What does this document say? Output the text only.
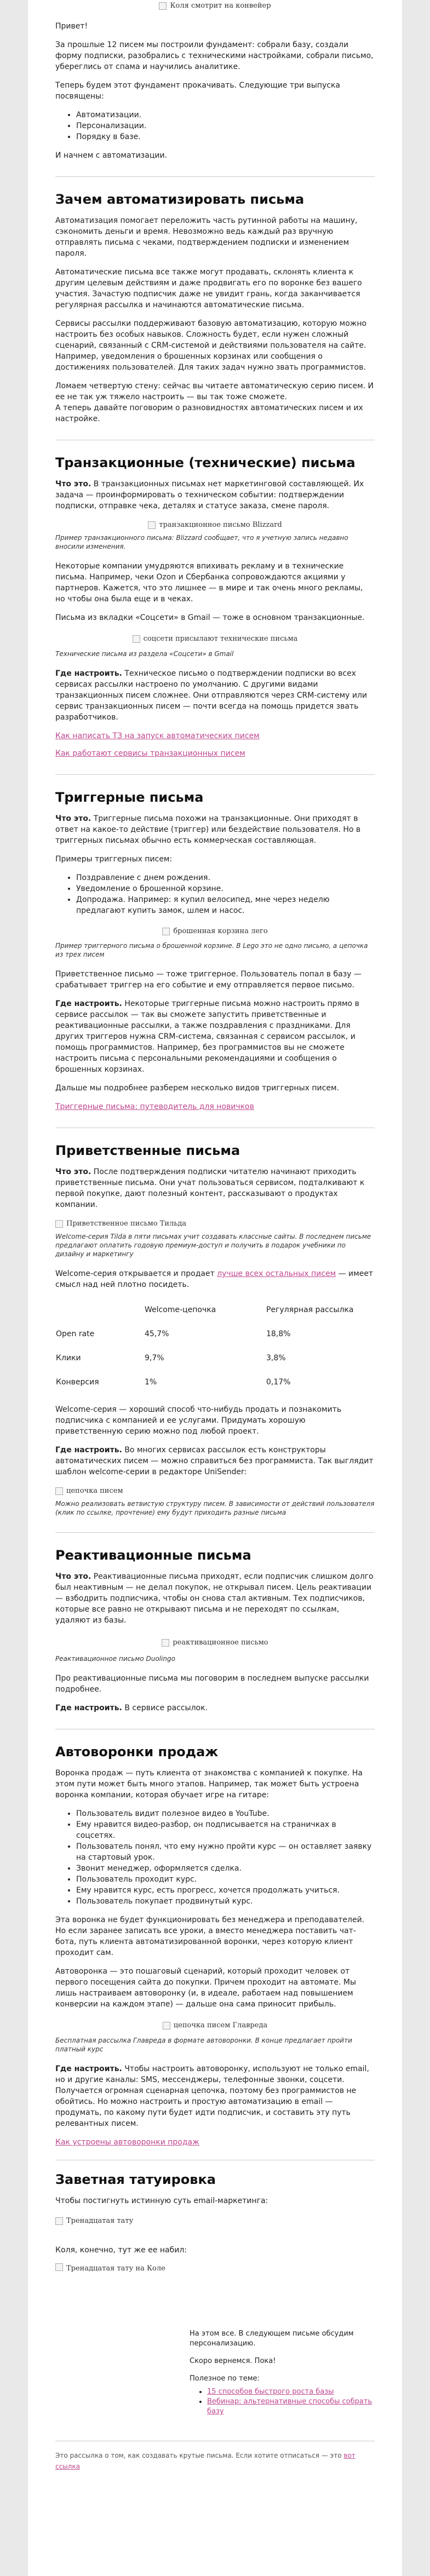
Коля смотрит на конвейер

Привет!

За прошлые 12 писем мы построили фундамент: собрали базу, создали форму подписки, разобрались с техническими настройками, собрали письмо, убереглись от спама и научились аналитике.

Теперь будем этот фундамент прокачивать. Следующие три выпуска посвящены:

• Автоматизации.
• Персонализации.
• Порядку в базе.

И начнем с автоматизации.

Зачем автоматизировать письма

Автоматизация помогает переложить часть рутинной работы на машину, сэкономить деньги и время. Невозможно ведь каждый раз вручную отправлять письма с чеками, подтверждением подписки и изменением пароля.

Автоматические письма все также могут продавать, склонять клиента к другим целевым действиям и даже продвигать его по воронке без вашего участия. Зачастую подписчик даже не увидит грань, когда заканчивается регулярная рассылка и начинаются автоматические письма.

Сервисы рассылки поддерживают базовую автоматизацию, которую можно настроить без особых навыков. Сложность будет, если нужен сложный сценарий, связанный с CRM-системой и действиями пользователя на сайте. Например, уведомления о брошенных корзинах или сообщения о достижениях пользователей. Для таких задач нужно звать программистов.

Ломаем четвертую стену: сейчас вы читаете автоматическую серию писем. И ее не так уж тяжело настроить — вы так тоже сможете.

А теперь давайте поговорим о разновидностях автоматических писем и их настройке.

Транзакционные (технические) письма

Что это. В транзакционных письмах нет маркетинговой составляющей. Их задача — проинформировать о техническом событии: подтверждении подписки, отправке чека, деталях и статусе заказа, смене пароля.

транзакционное письмо Blizzard
Пример транзакционного письма: Blizzard сообщает, что я учетную запись недавно вносили изменения.

Некоторые компании умудряются впихивать рекламу и в технические письма. Например, чеки Ozon и Сбербанка сопровождаются акциями у партнеров. Кажется, что это лишнее — в мире и так очень много рекламы, но чтобы она была еще и в чеках.

Письма из вкладки «Соцсети» в Gmail — тоже в основном транзакционные.

соцсети присылают технические письма
Технические письма из раздела «Соцсети» в Gmail

Где настроить. Техническое письмо о подтверждении подписки во всех сервисах рассылки настроено по умолчанию. С другими видами транзакционных писем сложнее. Они отправляются через CRM-систему или сервис транзакционных писем — почти всегда на помощь придется звать разработчиков.

Как написать ТЗ на запуск автоматических писем

Как работают сервисы транзакционных писем

Триггерные письма

Что это. Триггерные письма похожи на транзакционные. Они приходят в ответ на какое-то действие (триггер) или бездействие пользователя. Но в триггерных письмах обычно есть коммерческая составляющая.

Примеры триггерных писем:

• Поздравление с днем рождения.
• Уведомление о брошенной корзине.
• Допродажа. Например: я купил велосипед, мне через неделю предлагают купить замок, шлем и насос.
брошенная корзина лего
Пример триггерного письма о брошенной корзине. В Lego это не одно письмо, а цепочка из трех писем

Приветственное письмо — тоже триггерное. Пользователь попал в базу — срабатывает триггер на его событие и ему отправляется первое письмо.

Где настроить. Некоторые триггерные письма можно настроить прямо в сервисе рассылок — так вы сможете запустить приветственные и реактивационные рассылки, а также поздравления с праздниками. Для других триггеров нужна CRM-система, связанная с сервисом рассылок, и помощь программистов. Например, без программистов вы не сможете настроить письма с персональными рекомендациями и сообщения о брошенных корзинах.

Дальше мы подробнее разберем несколько видов триггерных писем.

Триггерные письма: путеводитель для новичков

Приветственные письма

Что это. После подтверждения подписки читателю начинают приходить приветственные письма. Они учат пользоваться сервисом, подталкивают к первой покупке, дают полезный контент, рассказывают о продуктах компании.

Приветственное письмо Тильда
Welcome-серия Tilda в пяти письмах учит создавать классные сайты. В последнем письме предлагают оплатить годовую премиум-доступ и получить в подарок учебники по дизайну и маркетингу

Welcome-серия открывается и продает лучше всех остальных писем — имеет смысл над ней плотно посидеть.

	Welcome-цепочка	Регулярная рассылка
Open rate	45,7%	18,8%
Клики	9,7%	3,8%
Конверсия	1%	0,17%

Welcome-серия — хороший способ что-нибудь продать и познакомить подписчика с компанией и ее услугами. Придумать хорошую приветственную серию можно под любой проект.

Где настроить. Во многих сервисах рассылок есть конструкторы автоматических писем — можно справиться без программиста. Так выглядит шаблон welcome-серии в редакторе UniSender:

цепочка писем
Можно реализовать ветвистую структуру писем. В зависимости от действий пользователя (клик по ссылке, прочтение) ему будут приходить разные письма
Реактивационные письма

Что это. Реактивационные письма приходят, если подписчик слишком долго был неактивным — не делал покупок, не открывал писем. Цель реактивации — взбодрить подписчика, чтобы он снова стал активным. Тех подписчиков, которые все равно не открывают письма и не переходят по ссылкам, удаляют из базы.

реактивационное письмо
Реактивационное письмо Duolingo

Про реактивационные письма мы поговорим в последнем выпуске рассылки подробнее.

Где настроить. В сервисе рассылок.

Автоворонки продаж

Воронка продаж — путь клиента от знакомства с компанией к покупке. На этом пути может быть много этапов. Например, так может быть устроена воронка компании, которая обучает игре на гитаре:

• Пользователь видит полезное видео в YouTube.
• Ему нравится видео-разбор, он подписывается на страничках в соцсетях.
• Пользователь понял, что ему нужно пройти курс — он оставляет заявку на стартовый урок.
• Звонит менеджер, оформляется сделка.
• Пользователь проходит курс.
• Ему нравится курс, есть прогресс, хочется продолжать учиться.
• Пользователь покупает продвинутый курс.

Эта воронка не будет функционировать без менеджера и преподавателей. Но если заранее записать все уроки, а вместо менеджера поставить чат-бота, путь клиента автоматизированной воронки, через которую клиент проходит сам.

Автоворонка — это пошаговый сценарий, который проходит человек от первого посещения сайта до покупки. Причем проходит на автомате. Мы лишь настраиваем автоворонку (и, в идеале, работаем над повышением конверсии на каждом этапе) — дальше она сама приносит прибыль.

цепочка писем Главреда
Бесплатная рассылка Главреда в формате автоворонки. В конце предлагает пройти платный курс

Где настроить. Чтобы настроить автоворонку, используют не только email, но и другие каналы: SMS, мессенджеры, телефонные звонки, соцсети. Получается огромная сценарная цепочка, поэтому без программистов не обойтись. Но можно настроить и простую автоматизацию в email — продумать, по какому пути будет идти подписчик, и составить эту путь релевантных писем.

Как устроены автоворонки продаж

Заветная татуировка

Чтобы постигнуть истинную суть email-маркетинга:

Тренадцатая тату

Коля, конечно, тут же ее набил:

Тренадцатая тату на Коле

На этом все. В следующем письме обсудим персонализацию.

Скоро вернемся. Пока!

Полезное по теме:

• 15 способов быстрого роста базы
• Вебинар: альтернативные способы собрать базу
Это рассылка о том, как создавать крутые письма. Если хотите отписаться — это вот ссылка
